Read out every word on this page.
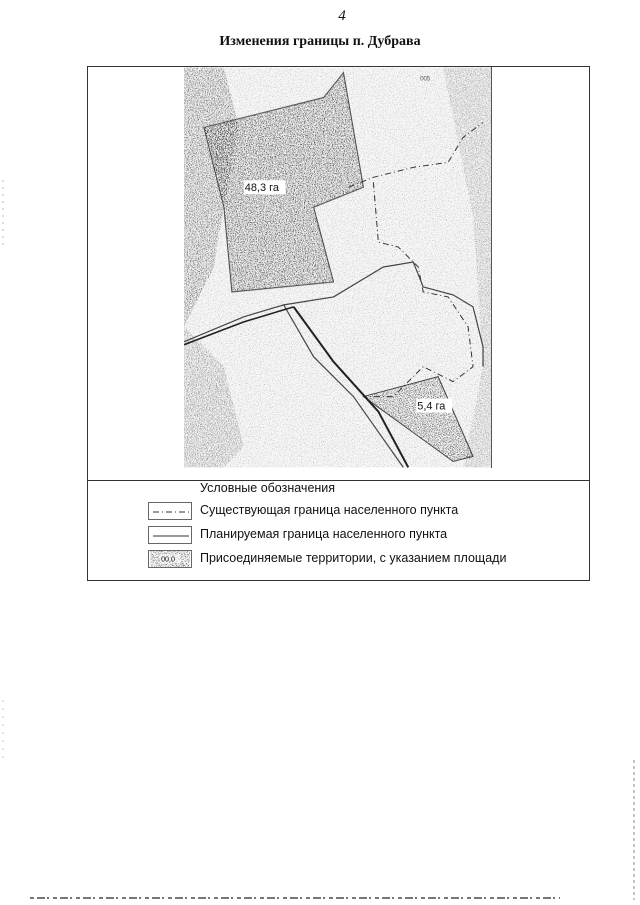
4
Изменения границы п. Дубрава
48,3 га
5,4 га
005
Условные обозначения
Существующая граница населенного пункта
Планируемая граница населенного пункта
00,0 Присоединяемые территории, с указанием площади
